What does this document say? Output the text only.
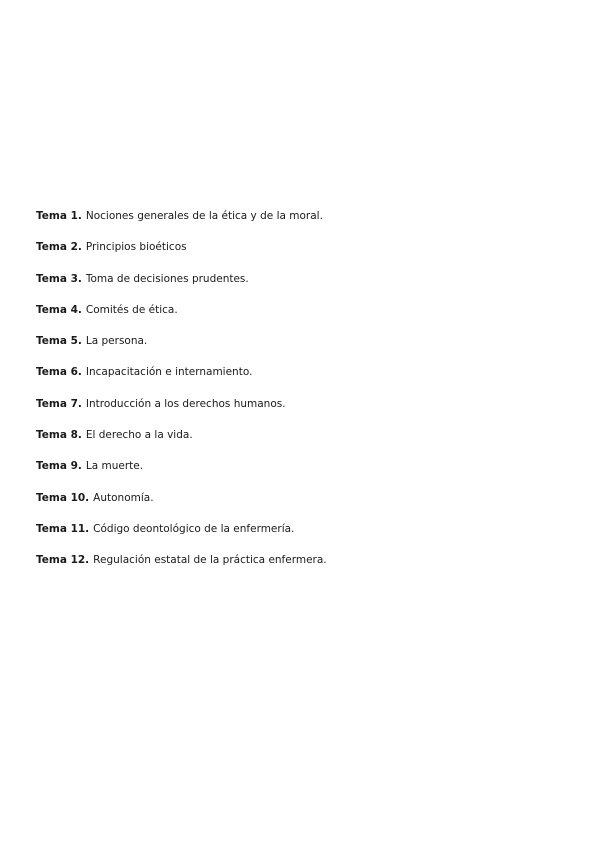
Tema 1. Nociones generales de la ética y de la moral.
Tema 2. Principios bioéticos
Tema 3. Toma de decisiones prudentes.
Tema 4. Comités de ética.
Tema 5. La persona.
Tema 6. Incapacitación e internamiento.
Tema 7. Introducción a los derechos humanos.
Tema 8. El derecho a la vida.
Tema 9. La muerte.
Tema 10. Autonomía.
Tema 11. Código deontológico de la enfermería.
Tema 12. Regulación estatal de la práctica enfermera.
